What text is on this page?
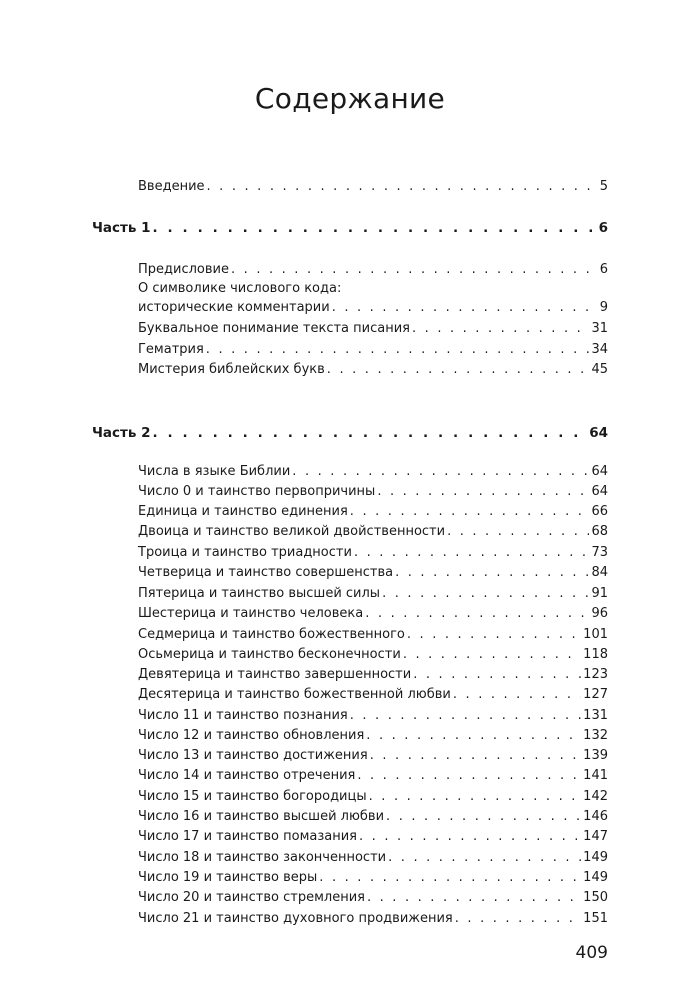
Содержание
Введение . . .	5
Часть 1 . . .	6
Предисловие . . .	6
О символике числового кода:
исторические комментарии . . .	9
Буквальное понимание текста писания . . .	31
Гематрия . . .	34
Мистерия библейских букв . . .	45
Часть 2 . . .	64
Числа в языке Библии . . .	64
Число 0 и таинство первопричины . . .	64
Единица и таинство единения . . .	66
Двоица и таинство великой двойственности . . .	68
Троица и таинство триадности . . .	73
Четверица и таинство совершенства . . .	84
Пятерица и таинство высшей силы . . .	91
Шестерица и таинство человека . . .	96
Седмерица и таинство божественного . . .	101
Осьмерица и таинство бесконечности . . .	118
Девятерица и таинство завершенности . . .	123
Десятерица и таинство божественной любви . . .	127
Число 11 и таинство познания . . .	131
Число 12 и таинство обновления . . .	132
Число 13 и таинство достижения . . .	139
Число 14 и таинство отречения . . .	141
Число 15 и таинство богородицы . . .	142
Число 16 и таинство высшей любви . . .	146
Число 17 и таинство помазания . . .	147
Число 18 и таинство законченности . . .	149
Число 19 и таинство веры . . .	149
Число 20 и таинство стремления . . .	150
Число 21 и таинство духовного продвижения . . .	151
409
